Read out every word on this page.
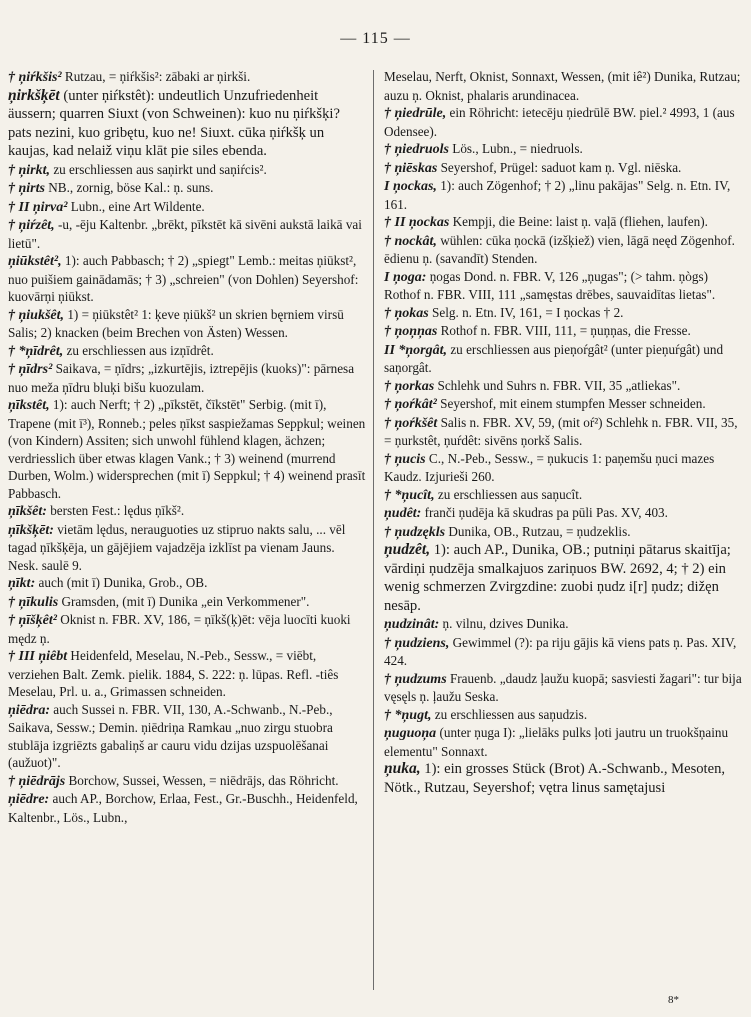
— 115 —

† ņiŕkšis² Rutzau, = ņiŕkšis²: zābaki ar ņirkši.

ņirkšķēt (unter ņiŕkstêt): undeutlich Unzufriedenheit äussern; quarren Siuxt (von Schweinen): kuo nu ņiŕkšķi? pats nezini, kuo gribętu, kuo ne! Siuxt. cūka ņiŕkšķ un kaujas, kad nelaiž viņu klāt pie siles ebenda.

† ņirkt, zu erschliessen aus saņirkt und saņiŕcis².

† ņirts NB., zornig, böse Kal.: ņ. suns.

† II ņirva² Lubn., eine Art Wildente.

† ņiŕzêt, -u, -ēju Kaltenbr. „brēkt, pīkstēt kā sivēni aukstā laikā vai lietū".

ņiūkstêt², 1): auch Pabbasch; † 2) „spiegt" Lemb.: meitas ņiūkst², nuo puišiem gainādamās; † 3) „schreien" (von Dohlen) Seyershof: kuovārņi ņiūkst.

† ņiukšêt, 1) = ņiūkstêt² 1: ķeve ņiūkš² un skrien bęrniem virsū Salis; 2) knacken (beim Brechen von Ästen) Wessen.

† *ņīdrêt, zu erschliessen aus izņīdrêt.

† ņīdrs² Saikava, = ņīdrs; „izkurtējis, iztrepējis (kuoks)": pārnesa nuo meža ņīdru bluķi bišu kuozulam.

ņīkstêt, 1): auch Nerft; † 2) „pīkstēt, čīkstēt" Serbig. (mit ī), Trapene (mit ī³), Ronneb.; peles ņīkst saspiežamas Seppkul; weinen (von Kindern) Assiten; sich unwohl fühlend klagen, ächzen; verdriesslich über etwas klagen Vank.; † 3) weinend (murrend Durben, Wolm.) widersprechen (mit ī) Seppkul; † 4) weinend prasīt Pabbasch.

ņīkšêt: bersten Fest.: lędus ņīkš².

ņīkšķēt: vietām lędus, nerauguoties uz stipruo nakts salu, ... vēl tagad ņīkšķēja, un gājējiem vajadzēja izklīst pa vienam Jauns. Nesk. saulē 9.

ņīkt: auch (mit ī) Dunika, Grob., OB.

† ņīkulis Gramsden, (mit ī) Dunika „ein Verkommener".

† ņīšķêt² Oknist n. FBR. XV, 186, = ņīkš(ķ)ēt: vēja luocīti kuoki mędz ņ.

† III ņiêbt Heidenfeld, Meselau, N.-Peb., Sessw., = viēbt, verziehen Balt. Zemk. pielik. 1884, S. 222: ņ. lūpas. Refl. -tiês Meselau, Prl. u. a., Grimassen schneiden.

ņiēdra: auch Sussei n. FBR. VII, 130, A.-Schwanb., N.-Peb., Saikava, Sessw.; Demin. ņiēdriņa Ramkau „nuo zirgu stuobra stublāja izgriēzts gabaliņš ar cauru vidu dzijas uzspuolēšanai (aužuot)".

† ņiēdrājs Borchow, Sussei, Wessen, = niēdrājs, das Röhricht.

ņiēdre: auch AP., Borchow, Erlaa, Fest., Gr.-Buschh., Heidenfeld, Kaltenbr., Lös., Lubn.,

Meselau, Nerft, Oknist, Sonnaxt, Wessen, (mit iê²) Dunika, Rutzau; auzu ņ. Oknist, phalaris arundinacea.

† ņiedrūle, ein Röhricht: ietecēju ņiedrūlē BW. piel.² 4993, 1 (aus Odensee).

† ņiedruols Lös., Lubn., = niedruols.

† ņiēskas Seyershof, Prügel: saduot kam ņ. Vgl. niēska.

I ņockas, 1): auch Zögenhof; † 2) „linu pakājas" Selg. n. Etn. IV, 161.

† II ņockas Kempji, die Beine: laist ņ. vaļā (fliehen, laufen).

† nockât, wühlen: cūka ņockā (izšķiež) vien, lāgā neęd Zögenhof. ēdienu ņ. (savandīt) Stenden.

I ņoga: ņogas Dond. n. FBR. V, 126 „ņugas"; (> tahm. ņògs) Rothof n. FBR. VIII, 111 „samęstas drēbes, sauvaidītas lietas".

† ņokas Selg. n. Etn. IV, 161, = I ņockas † 2.

† ņoņņas Rothof n. FBR. VIII, 111, = ņuņņas, die Fresse.

II *ņorgât, zu erschliessen aus pieņoŕgât² (unter pieņuŕgât) und saņorgât.

† ņorkas Schlehk und Suhrs n. FBR. VII, 35 „atliekas".

† ņoŕkât² Seyershof, mit einem stumpfen Messer schneiden.

† ņoŕkšêt Salis n. FBR. XV, 59, (mit oŕ²) Schlehk n. FBR. VII, 35, = ņurkstêt, ņuŕdêt: sivēns ņorkš Salis.

† ņucis C., N.-Peb., Sessw., = ņukucis 1: paņemšu ņuci mazes Kaudz. Izjurieši 260.

† *ņucît, zu erschliessen aus saņucît.

ņudêt: franči ņudēja kā skudras pa pūli Pas. XV, 403.

† ņudzękls Dunika, OB., Rutzau, = ņudzeklis.

ņudzêt, 1): auch AP., Dunika, OB.; putniņi pātarus skaitīja; vārdiņi ņudzēja smalkajuos zariņuos BW. 2692, 4; † 2) ein wenig schmerzen Zvirgzdine: zuobi ņudz i[r] ņudz; dižęn nesāp.

ņudzinât: ņ. vilnu, dzives Dunika.

† ņudziens, Gewimmel (?): pa riju gājis kā viens pats ņ. Pas. XIV, 424.

† ņudzums Frauenb. „daudz ļaužu kuopā; sasviesti žagari": tur bija vęsęls ņ. ļaužu Seska.

† *ņugt, zu erschliessen aus saņudzis.

ņuguoņa (unter ņuga I): „lielāks pulks ļoti jautru un truokšņainu elementu" Sonnaxt.

ņuka, 1): ein grosses Stück (Brot) A.-Schwanb., Mesoten, Nötk., Rutzau, Seyershof; vętra linus samętajusi

8*
